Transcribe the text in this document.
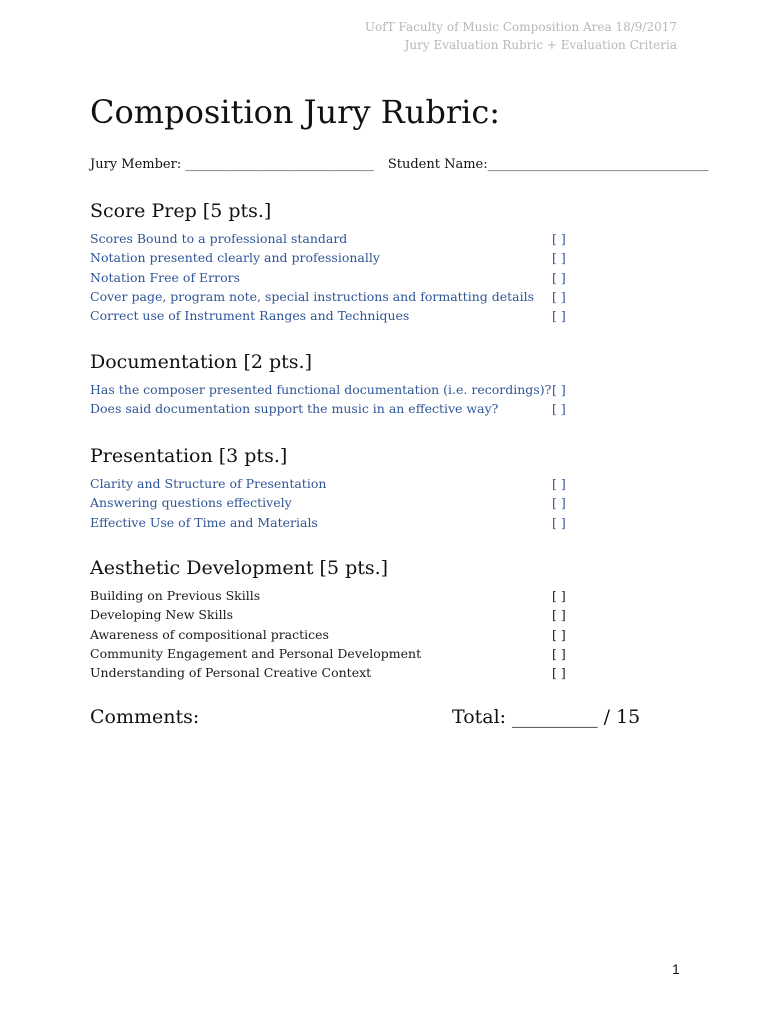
UofT Faculty of Music Composition Area 18/9/2017
Jury Evaluation Rubric + Evaluation Criteria
Composition Jury Rubric:
Jury Member: _____________________________ Student Name:__________________________________
Score Prep [5 pts.]
Scores Bound to a professional standard	[ ]
Notation presented clearly and professionally	[ ]
Notation Free of Errors	[ ]
Cover page, program note, special instructions and formatting details [ ]
Correct use of Instrument Ranges and Techniques	[ ]
Documentation [2 pts.]
Has the composer presented functional documentation (i.e. recordings)? [ ]
Does said documentation support the music in an effective way?	[ ]
Presentation [3 pts.]
Clarity and Structure of Presentation	[ ]
Answering questions effectively	[ ]
Effective Use of Time and Materials	[ ]
Aesthetic Development [5 pts.]
Building on Previous Skills	[ ]
Developing New Skills	[ ]
Awareness of compositional practices	[ ]
Community Engagement and Personal Development	[ ]
Understanding of Personal Creative Context	[ ]
Comments:	Total: _________ / 15
1
